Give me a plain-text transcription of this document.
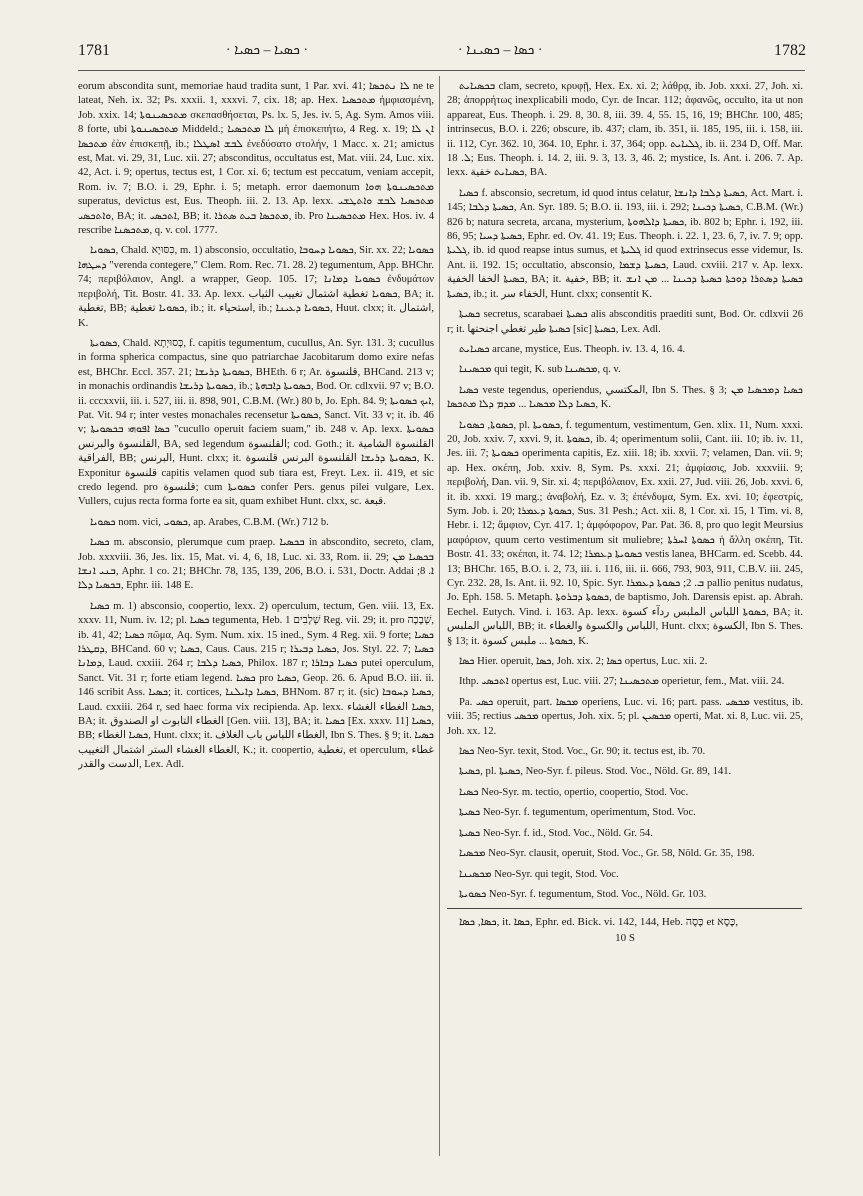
1781	· ܟܣܝܐ – ܟܣܝܐ ·	· ܟܣܐ – ܟܣܝܢܐ ·	1782

eorum abscondita sunt, memoriae haud tradita sunt, 1 Par. xvi. 41; ܠܐ ܢܬܟܣܐ ne te lateat, Neh. ix. 32; Ps. xxxii. 1, xxxvi. 7, cix. 18; ap. Hex. ܡܬܟܣܝܐ ἠμφιασμένη, Job. xxix. 14; ܡܬܟܣܝܢܘܬܐ σκεπασθήσεται, Ps. lx. 5, Jes. iv. 5, Ag. Sym. Amos viii. 8 forte, ubi ܡܬܟܣܝܢܘܬܐ Middeld.; ܠܐ ܡܬܟܣܝܐ μὴ ἐπισκεπήτω, 4 Reg. x. 19; ܐܢ ܠܐ ܡܬܟܣܐ ἐὰν ἐπισκεπῇ, ib.; ܠܒܫ ܐܣܛܠܐ ἐνεδύσατο στολήν, 1 Macc. x. 21; amictus est, Mat. vi. 29, 31, Luc. xii. 27; absconditus, occultatus est, Mat. viii. 24, Luc. xix. 42, Act. i. 9; opertus, tectus est, 1 Cor. xi. 6; tectum est peccatum, veniam accepit, Rom. iv. 7; B.O. i. 29, Ephr. i. 5; metaph. error daemonum ܡܬܟܣܝܢܘܬܐ ܗܘܐ superatus, devictus est, Eus. Theoph. iii. 2. 13. Ap. lexx. ܡܬܟܣܝܐ ܠܒܫ ܘܐܬܛܫܝ ܘܐܬܟܣܝ, BA; it. ܐܬܟܣܝ, BB; it. ܡܬܟܣܐ ܒܝܬ ܣܬܪܐ, ib. Pro ܡܬܟܣܝܢܐ Hex. Hos. iv. 4 rescribe ܡܬܟܣܢܐ, q. v. col. 1777.

ܟܣܘܝܐ, Chald. כִּסּוּיָא, m. 1) absconsio, occultatio, ܟܣܘܝܐ ܕܚܘܒܐ, Sir. xx. 22; ܟܣܘܝܐ ܕܚܛܗܐ "verenda contegere," Clem. Rom. Rec. 71. 28. 2) tegumentum, App. BHChr. 74; περιβόλαιον, Angl. a wrapper, Geop. 105. 17; ܟܣܘܝܐ ܕܡܐܢܐ ἐνδυμάτων περιβολή, Tit. Bostr. 41. 33. Ap. lexx. ܟܣܘܝܐ تغطية اشتمال تغييب الثياب, BA; it. تغطية, BB; ܟܣܘܝܐ تغطية, ib.; it. استحياء, ib.; ܟܣܘܝܐ ܕܥܝܢܐ, Huut. clxx; it. اشتمال, K.

ܟܣܘܝܬܐ, Chald. כְּסוּיְתָא, f. capitis tegumentum, cucullus, An. Syr. 131. 3; cucullus in forma spherica compactus, sine quo patriarchae Jacobitarum domo exire nefas est, BHChr. Eccl. 357. 21; ܟܣܘܝܬܐ ܕܪܝܫܐ, BHEth. 6 r; Ar. قلنسوة, BHCand. 213 v; in monachis ordinandis ܟܣܘܝܬܐ ܕܪܝܫܐ, ib.; ܟܣܘܝܬܐ ܕܐܒܗܬܐ, Bod. Or. cdlxvii. 97 v; B.O. ii. cccxxvii, iii. i. 527, iii. ii. 898, 901, C.B.M. (Wr.) 80 b, Jo. Eph. 84. 9; ܐܝܟ ܟܣܘܝܬܐ, Pat. Vit. 94 r; inter vestes monachales recensetur ܟܣܘܝܬܐ, Sanct. Vit. 33 v; it. ib. 46 v; ܟܣܐ ܐܦܘܗܝ ܒܟܣܘܝܬܐ "cucullo operuit faciem suam," ib. 248 v. Ap. lexx. ܟܣܘܝܬܐ القلنسوة والبرنس, BA, sed legendum القلنسوة; cod. Goth.; it. القلنسوة الشامية الفراقية, BB; البرنس, Hunt. clxx; it. ܟܣܘܝܬܐ ܕܪܝܫܐ القلنسوة البرنس قلنسوة, K. Exponitur قلنسوة capitis velamen quod sub tiara est, Freyt. Lex. ii. 419, et sic credo legend. pro قلنسوة; cum ܟܣܘܝܬܐ confer Pers. genus pilei vulgare, Lex. Vullers, cujus recta forma forte ea sit, quam exhibet Hunt. clxx, sc. قبعة.

ܟܣܘܝܐ nom. vici, ܟܣܘܝ, ap. Arabes, C.B.M. (Wr.) 712 b.

ܟܣܝܐ m. absconsio, plerumque cum praep. ܒܟܣܝܐ in abscondito, secreto, clam, Job. xxxviii. 36, Jes. lix. 15, Mat. vi. 4, 6, 18, Luc. xi. 33, Rom. ii. 29; ܒܟܣܝܐ ܡܢ ܒܢܝ ܐܢܫܐ, Aphr. 1 co. 21; BHChr. 78, 135, 139, 206, B.O. i. 531, Doctr. Addai ܐ. 8; ܒܟܣܝܐ ܕܠܐ, Ephr. iii. 148 E.

ܟܣܝܐ m. 1) absconsio, coopertio, lexx. 2) operculum, tectum, Gen. viii. 13, Ex. xxxv. 11, Num. iv. 12; pl. ܟܣܝܐ tegumenta, Heb. שְׁלָבִים 1 Reg. vii. 29; it. pro שְׁבָכָה, ib. 41, 42; ܟܣܝܐ πῶμα, Aq. Sym. Num. xix. 15 ined., Sym. 4 Reg. xii. 9 forte; ܟܣܝܐ ܕܩܛܪܐ, BHCand. 60 v; ܟܣܝܐ, Caus. Caus. 215 r; ܟܣܝܐ ܕܒܝܪܐ, Jos. Styl. 22. 7; ܟܣܝܐ ܕܡܐܢܐ, Laud. cxxiii. 264 r; ܟܣܝܐ ܕܠܒܐ, Philox. 187 r; ܟܣܝܐ ܕܒܐܪܐ putei operculum, Sanct. Vit. 31 r; forte etiam legend. ܟܣܝܐ pro ܟܣܝܐ, Geop. 26. 6. Apud B.O. iii. ii. 146 scribit Ass. ܟܣܝܐ; it. cortices, ܟܣܝܐ ܕܐܝܠܢܐ, BHNom. 87 r; it. (sic) ܟܣܝܐ ܕܚܘܒܐ, Laud. cxxiii. 264 r, sed haec forma vix recipienda. Ap. lexx. ܟܣܝܐ الغطاء الغشاء, BA; it. الغطاء التابوت او الصندوق [Gen. viii. 13], BA; it. ܟܣܝܐ [Ex. xxxv. 11] ܟܣܝܐ, BB; ܟܣܝܐ الغطاء, Hunt. clxx; it. الغطاء اللباس باب الغلاف, Ibn S. Thes. § 9; it. ܟܣܝܐ الغطاء الغشاء الستر اشتمال التغييب, K.; it. coopertio, تغطية, et operculum, غطاء الدست والقدر, Lex. Adl.

ܒܟܣܝܐܝܬ clam, secreto, κρυφῇ, Hex. Ex. xi. 2; λάθρᾳ, ib. Job. xxxi. 27, Joh. xi. 28; ἀπορρήτως inexplicabili modo, Cyr. de Incar. 112; ἀφανῶς, occulto, ita ut non appareat, Eus. Theoph. i. 29. 8, 30. 8, iii. 39. 4, 55. 15, 16, 19; BHChr. 100, 485; intrinsecus, B.O. i. 226; obscure, ib. 437; clam, ib. 351, ii. 185, 195, iii. i. 158, iii. ii. 112, Cyr. 362. 10, 364. 10, Ephr. i. 37, 364; opp. ܓܠܝܐܝܬ, ib. ii. 234 D, Off. Mar. ܠ. 18; Eus. Theoph. i. 14. 2, iii. 9. 3, 13. 3, 46. 2; mystice, Is. Ant. i. 206. 7. Ap. lexx. ܟܣܝܐܝܬ خفية, BA.

ܟܣܝܐ f. absconsio, secretum, id quod intus celatur, ܟܣܝܬܐ ܕܠܒܐ ܕܐܢܫܐ, Act. Mart. i. 145; ܟܣܝܬܐ ܕܠܒܐ, An. Syr. 189. 5; B.O. ii. 193, iii. i. 292; ܟܣܝܬܐ ܕܟܝܢܐ, C.B.M. (Wr.) 826 b; natura secreta, arcana, mysterium, ܟܣܝܬܐ ܕܐܠܗܘܬܐ, ib. 802 b; Ephr. i. 192, iii. 86, 95; ܟܣܝܬܐ ܕܚܝܐ, Ephr. ed. Ov. 41. 19; Eus. Theoph. i. 22. 1, 23. 6, 7, iv. 7. 9; opp. ܓܠܝܬܐ, ib. id quod reapse intus sumus, et ܓܠܝܬܐ id quod extrinsecus esse videmur, Is. Ant. ii. 192. 15; occultatio, absconsio, ܟܣܝܬܐ ܕܫܡܐ, Laud. cxviii. 217 v. Ap. lexx. ܟܣܝܬܐ الخفا الخفية, BA; it. خفية, BB; it. ܟܣܝܬܐ ܕܣܬܪܐ ܕܘܟܬܐ ܟܣܝܬܐ ܕܟܝܢܐ ... ܡܢ ܐܢܫ ܟܣܝܬܐ, ib.; it. الخفاء سر, Hunt. clxx; consentit K.

ܟܣܝܬܐ secretus, scarabaei ܟܣܝܬܐ alis absconditis praediti sunt, Bod. Or. cdlxvii 26 r; it. ܟܣܝܬܐ طير تغطي اجنحتها [sic] ܟܣܝܬܐ, Lex. Adl.

ܟܣܝܐܝܬ arcane, mystice, Eus. Theoph. iv. 13. 4, 16. 4.

ܡܟܣܝܢܐ qui tegit, K. sub ܡܟܣܝܢܐ, q. v.

ܟܣܝܐ veste tegendus, operiendus, المكتسي, Ibn S. Thes. § 3; ܟܣܝܐ ܕܡܟܣܝܐ ܡܢ ܟܣܝܐ ܕܠܐ ܡܟܣܝܐ ... ܡܕܡ ܕܠܐ ܡܬܟܣܐ, K.

ܟܣܘܬܐ, ܟܣܘܝܐ, pl. ܟܣܘܝܬܐ, f. tegumentum, vestimentum, Gen. xlix. 11, Num. xxxi. 20, Job. xxiv. 7, xxvi. 9, it. ܟܣܘܬܐ, ib. 4; operimentum solii, Cant. iii. 10; ib. iv. 11, Jes. iii. 7; ܟܣܘܝܬܐ operimenta capitis, Ez. xiii. 18; ib. xxvii. 7; velamen, Dan. vii. 9; ap. Hex. σκέπη, Job. xxiv. 8, Sym. Ps. xxxi. 21; ἀμφίασις, Job. xxxviii. 9; περιβολή, Dan. vii. 9, Sir. xi. 4; περιβόλαιον, Ex. xxii. 27, Jud. viii. 26, Job. xxvi. 6, it. ib. xxxi. 19 marg.; ἀναβολή, Ez. v. 3; ἐπένδυμα, Sym. Ex. xvi. 10; ἐφεστρίς, Sym. Job. i. 20; ܟܣܘܬܐ ܕܥܡܪܐ, Sus. 31 Pesh.; Act. xii. 8, 1 Cor. xi. 15, 1 Tim. vi. 8, Hebr. i. 12; ἄμφιον, Cyr. 417. 1; ἀμφόφορον, Par. Pat. 36. 8, pro quo legit Meursius μαφόριον, quum certo vestimentum sit muliebre; ܟܣܘܬܐ ܐܚܪܬܐ ἡ ἄλλη σκέπη, Tit. Bostr. 41. 33; σκέπαι, it. 74. 12; ܟܣܘܝܬܐ ܕܥܡܪܐ vestis lanea, BHCarm. ed. Scebb. 44. 13; BHChr. 165, B.O. i. 2, 73, iii. i. 116, iii. ii. 666, 793, 903, 911, C.B.V. iii. 245, Cyr. 232. 28, Is. Ant. ii. 92. 10, Spic. Syr. ܒ. 2; ܟܣܘܬܐ ܕܥܡܪܐ pallio penitus nudatus, Jo. Eph. 158. 5. Metaph. ܟܣܘܬܐ ܕܒܪܘܬܐ, de baptismo, Joh. Darensis epist. ap. Abrah. Eechel. Eutych. Vind. i. 163. Ap. lexx. ܟܣܘܬܐ اللباس الملبس ردآء كسوة, BA; it. اللباس الملبس, BB; it. اللباس والكسوة والغطاء, Hunt. clxx; الكسوة, Ibn S. Thes. § 13; it. ܟܣܘܬܐ ... ملبس كسوة, K.

ܟܣܐ Hier. operuit, ܟܣܐ, Joh. xix. 2; ܟܣܐ opertus, Luc. xii. 2.

Ithp. ܐܬܟܣܝ opertus est, Luc. viii. 27; ܡܬܟܣܝܢܐ operietur, fem., Mat. viii. 24.

Pa. ܟܣܝ operuit, part. ܡܟܣܐ operiens, Luc. vi. 16; part. pass. ܡܟܣܝ vestitus, ib. viii. 35; rectius ܡܟܣܝ opertus, Joh. xix. 5; pl. ܡܟܣܝܢ operti, Mat. xi. 8, Luc. vii. 25, Joh. xx. 12.

ܟܣܐ Neo-Syr. texit, Stod. Voc., Gr. 90; it. tectus est, ib. 70.

ܟܣܝܬܐ, pl. ܟܣܝܬܐ, Neo-Syr. f. pileus. Stod. Voc., Nöld. Gr. 89, 141.

ܟܣܝܐ Neo-Syr. m. tectio, opertio, coopertio, Stod. Voc.

ܟܣܝܬܐ Neo-Syr. f. tegumentum, operimentum, Stod. Voc.

ܟܣܝܬܐ Neo-Syr. f. id., Stod. Voc., Nöld. Gr. 54.

ܡܟܣܝܐ Neo-Syr. clausit, operuit, Stod. Voc., Gr. 58, Nöld. Gr. 35, 198.

ܡܟܣܝܢܐ Neo-Syr. qui tegit, Stod. Voc.

ܟܣܘܝܬܐ Neo-Syr. f. tegumentum, Stod. Voc., Nöld. Gr. 103.

ܟܣܐ, ܟܣܐ, it. ܟܣܐ, Ephr. ed. Bick. vi. 142, 144, Heb. כֶּסֶה et כֶּסֶא,

10 S
